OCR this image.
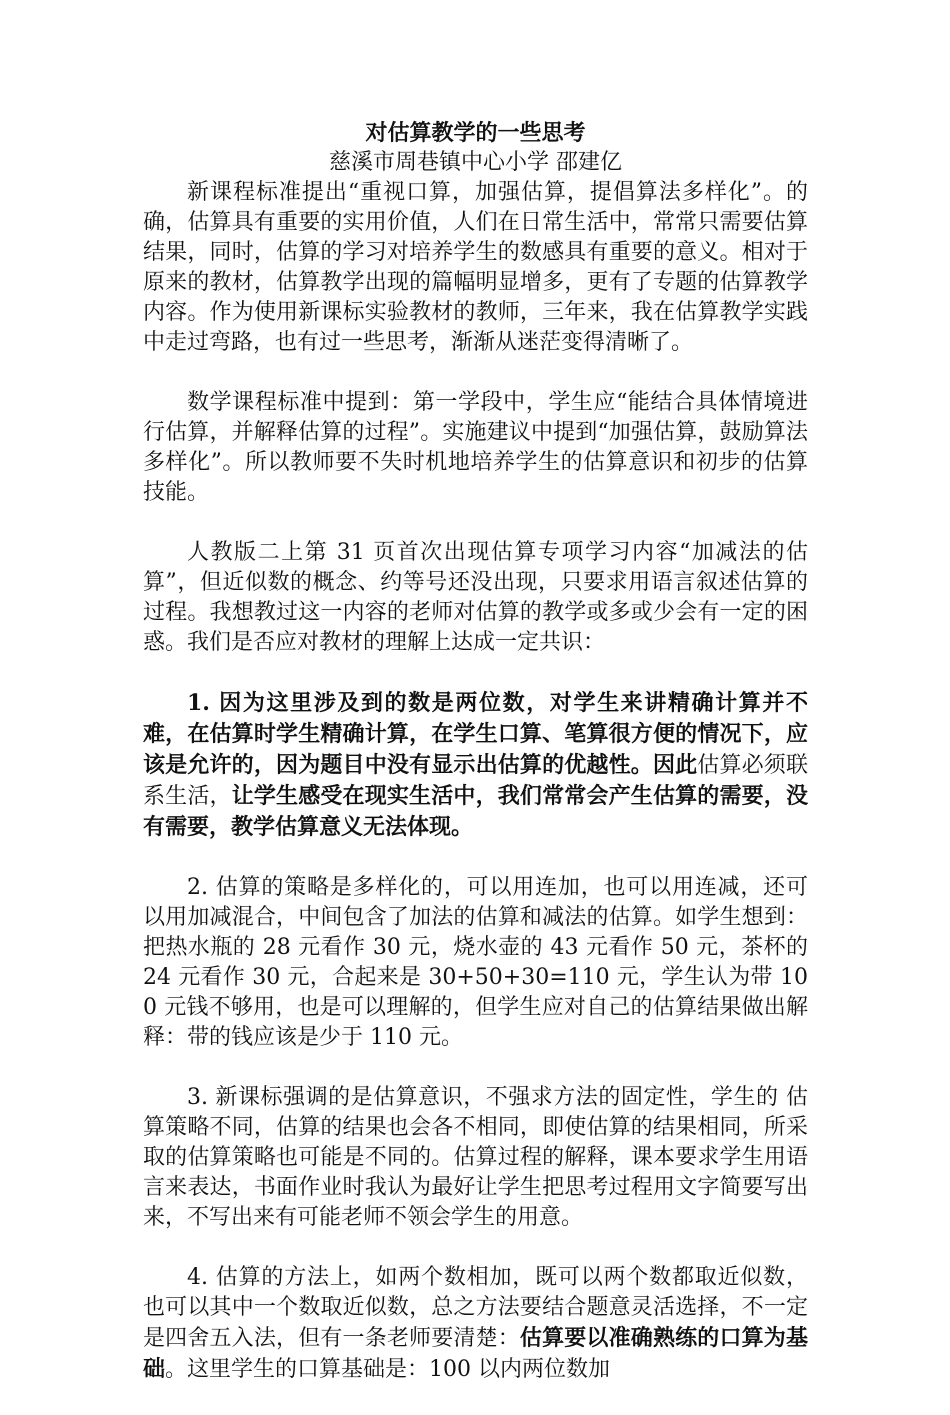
对估算教学的一些思考

慈溪市周巷镇中心小学 邵建亿

新课程标准提出“重视口算，加强估算，提倡算法多样化”。的确，估算具有重要的实用价值，人们在日常生活中，常常只需要估算结果，同时，估算的学习对培养学生的数感具有重要的意义。相对于原来的教材，估算教学出现的篇幅明显增多，更有了专题的估算教学内容。作为使用新课标实验教材的教师，三年来，我在估算教学实践中走过弯路，也有过一些思考，渐渐从迷茫变得清晰了。

数学课程标准中提到：第一学段中，学生应“能结合具体情境进行估算，并解释估算的过程”。实施建议中提到“加强估算，鼓励算法多样化”。所以教师要不失时机地培养学生的估算意识和初步的估算技能。

人教版二上第 31 页首次出现估算专项学习内容“加减法的估算”，但近似数的概念、约等号还没出现，只要求用语言叙述估算的过程。我想教过这一内容的老师对估算的教学或多或少会有一定的困惑。我们是否应对教材的理解上达成一定共识：

1. 因为这里涉及到的数是两位数，对学生来讲精确计算并不难，在估算时学生精确计算，在学生口算、笔算很方便的情况下，应该是允许的，因为题目中没有显示出估算的优越性。因此估算必须联系生活，让学生感受在现实生活中，我们常常会产生估算的需要，没有需要，教学估算意义无法体现。

2. 估算的策略是多样化的，可以用连加，也可以用连减，还可以用加减混合，中间包含了加法的估算和减法的估算。如学生想到：把热水瓶的 28 元看作 30 元，烧水壶的 43 元看作 50 元，茶杯的 24 元看作 30 元，合起来是 30+50+30=110 元，学生认为带 100 元钱不够用，也是可以理解的，但学生应对自己的估算结果做出解释：带的钱应该是少于 110 元。

3. 新课标强调的是估算意识，不强求方法的固定性，学生的 估算策略不同，估算的结果也会各不相同，即使估算的结果相同，所采取的估算策略也可能是不同的。估算过程的解释，课本要求学生用语言来表达，书面作业时我认为最好让学生把思考过程用文字简要写出来，不写出来有可能老师不领会学生的用意。

4. 估算的方法上，如两个数相加，既可以两个数都取近似数，也可以其中一个数取近似数，总之方法要结合题意灵活选择，不一定是四舍五入法，但有一条老师要清楚：估算要以准确熟练的口算为基础。这里学生的口算基础是：100 以内两位数加
